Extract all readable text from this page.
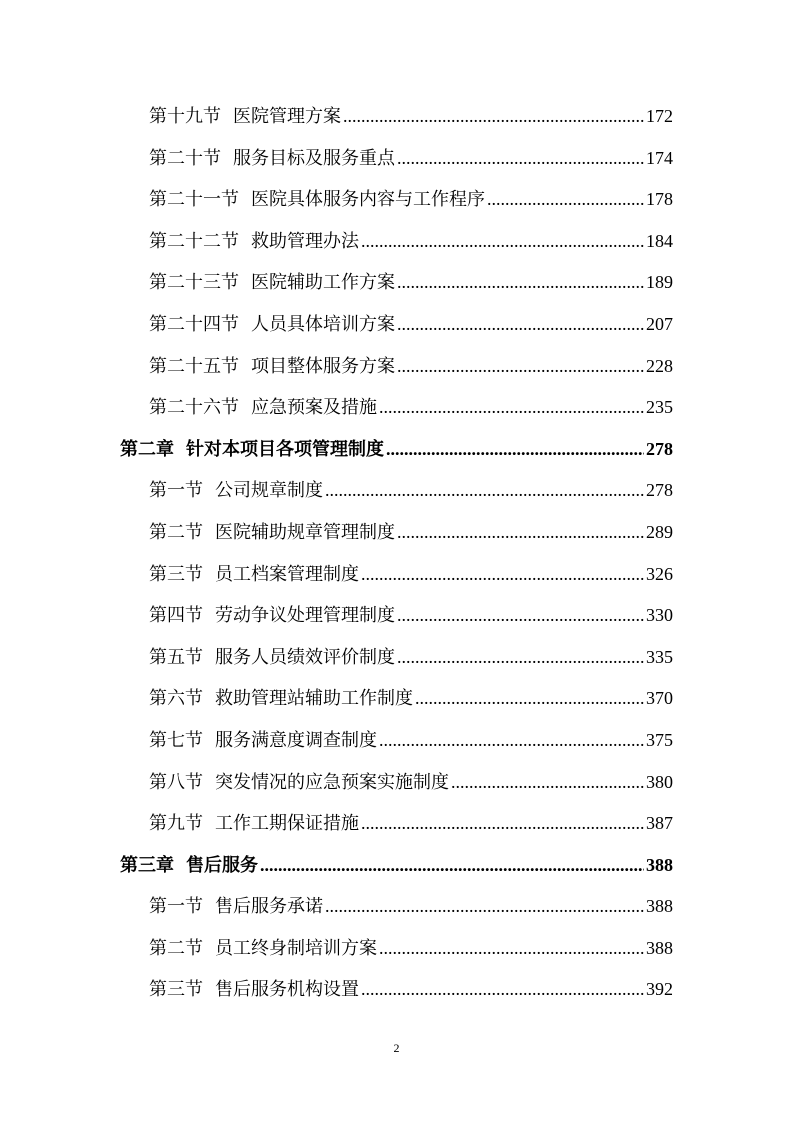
第十九节 医院管理方案 .....	172
第二十节 服务目标及服务重点 .....	174
第二十一节 医院具体服务内容与工作程序 .....	178
第二十二节 救助管理办法 .....	184
第二十三节 医院辅助工作方案 .....	189
第二十四节 人员具体培训方案 .....	207
第二十五节 项目整体服务方案 .....	228
第二十六节 应急预案及措施 .....	235
第二章 针对本项目各项管理制度 .....	278
第一节 公司规章制度 .....	278
第二节 医院辅助规章管理制度 .....	289
第三节 员工档案管理制度 .....	326
第四节 劳动争议处理管理制度 .....	330
第五节 服务人员绩效评价制度 .....	335
第六节 救助管理站辅助工作制度 .....	370
第七节 服务满意度调查制度 .....	375
第八节 突发情况的应急预案实施制度 .....	380
第九节 工作工期保证措施 .....	387
第三章 售后服务 .....	388
第一节 售后服务承诺 .....	388
第二节 员工终身制培训方案 .....	388
第三节 售后服务机构设置 .....	392
2
